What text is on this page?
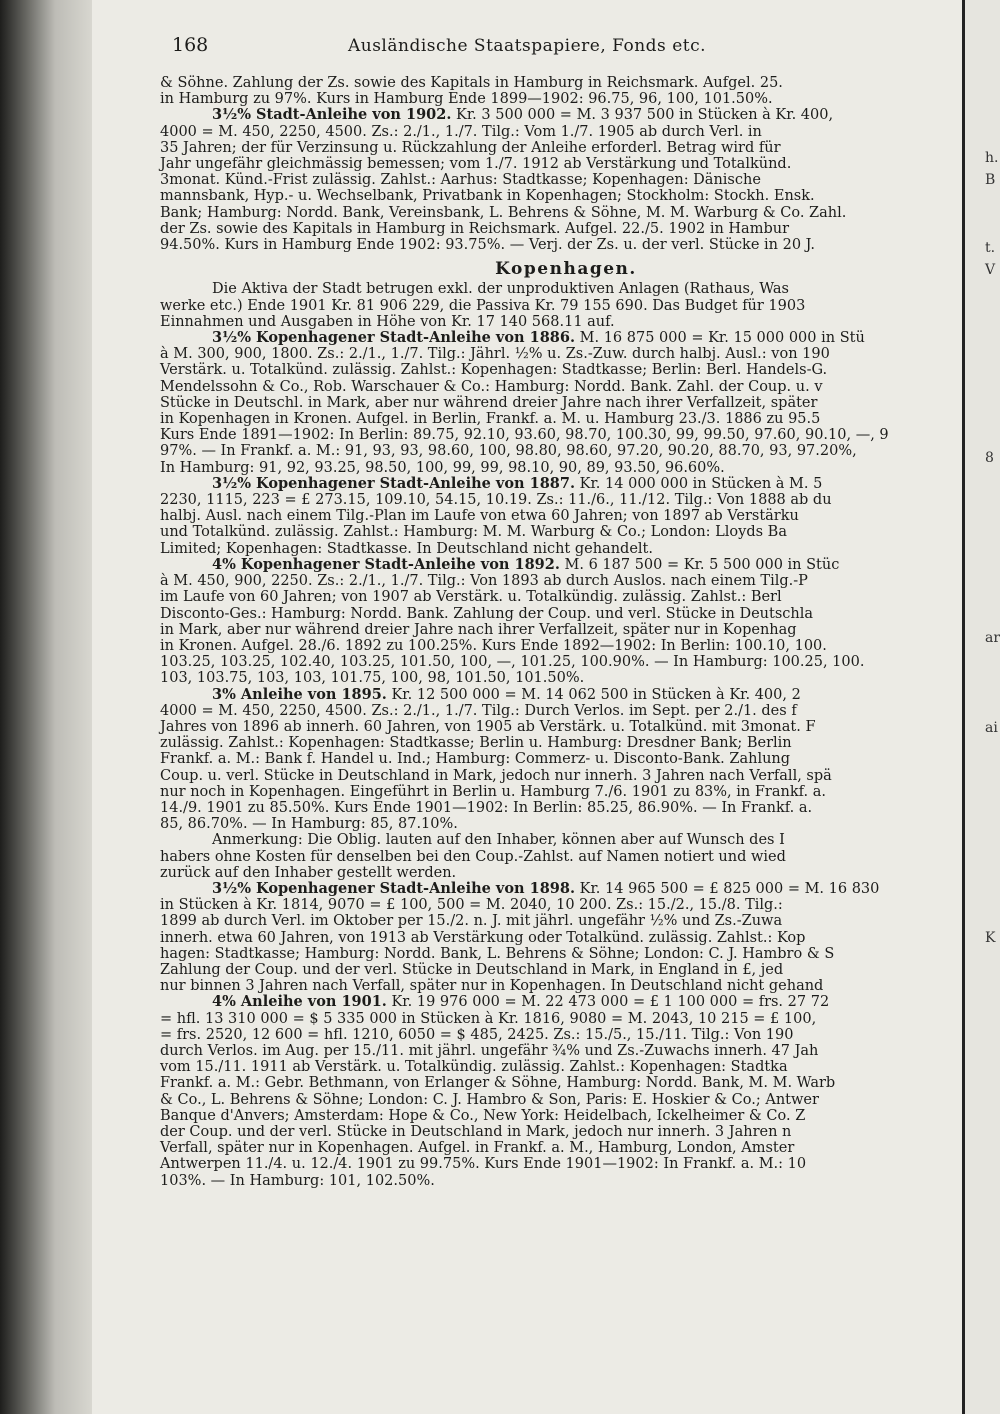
168	Ausländische Staatspapiere, Fonds etc.

& Söhne. Zahlung der Zs. sowie des Kapitals in Hamburg in Reichsmark. Aufgel. 25.

in Hamburg zu 97%. Kurs in Hamburg Ende 1899—1902: 96.75, 96, 100, 101.50%.

3½% Stadt-Anleihe von 1902. Kr. 3 500 000 = M. 3 937 500 in Stücken à Kr. 400,

4000 = M. 450, 2250, 4500. Zs.: 2./1., 1./7. Tilg.: Vom 1./7. 1905 ab durch Verl. in

35 Jahren; der für Verzinsung u. Rückzahlung der Anleihe erforderl. Betrag wird für

Jahr ungefähr gleichmässig bemessen; vom 1./7. 1912 ab Verstärkung und Totalkünd.

3monat. Künd.-Frist zulässig. Zahlst.: Aarhus: Stadtkasse; Kopenhagen: Dänische

mannsbank, Hyp.- u. Wechselbank, Privatbank in Kopenhagen; Stockholm: Stockh. Ensk.

Bank; Hamburg: Nordd. Bank, Vereinsbank, L. Behrens & Söhne, M. M. Warburg & Co. Zahl.

der Zs. sowie des Kapitals in Hamburg in Reichsmark. Aufgel. 22./5. 1902 in Hambur

94.50%. Kurs in Hamburg Ende 1902: 93.75%. — Verj. der Zs. u. der verl. Stücke in 20 J.

Kopenhagen.

Die Aktiva der Stadt betrugen exkl. der unproduktiven Anlagen (Rathaus, Was

werke etc.) Ende 1901 Kr. 81 906 229, die Passiva Kr. 79 155 690. Das Budget für 1903

Einnahmen und Ausgaben in Höhe von Kr. 17 140 568.11 auf.

3½% Kopenhagener Stadt-Anleihe von 1886. M. 16 875 000 = Kr. 15 000 000 in Stü

à M. 300, 900, 1800. Zs.: 2./1., 1./7. Tilg.: Jährl. ½% u. Zs.-Zuw. durch halbj. Ausl.: von 190

Verstärk. u. Totalkünd. zulässig. Zahlst.: Kopenhagen: Stadtkasse; Berlin: Berl. Handels-G.

Mendelssohn & Co., Rob. Warschauer & Co.: Hamburg: Nordd. Bank. Zahl. der Coup. u. v

Stücke in Deutschl. in Mark, aber nur während dreier Jahre nach ihrer Verfallzeit, später

in Kopenhagen in Kronen. Aufgel. in Berlin, Frankf. a. M. u. Hamburg 23./3. 1886 zu 95.5

Kurs Ende 1891—1902: In Berlin: 89.75, 92.10, 93.60, 98.70, 100.30, 99, 99.50, 97.60, 90.10, —, 9

97%. — In Frankf. a. M.: 91, 93, 93, 98.60, 100, 98.80, 98.60, 97.20, 90.20, 88.70, 93, 97.20%,

In Hamburg: 91, 92, 93.25, 98.50, 100, 99, 99, 98.10, 90, 89, 93.50, 96.60%.

3½% Kopenhagener Stadt-Anleihe von 1887. Kr. 14 000 000 in Stücken à M. 5

2230, 1115, 223 = £ 273.15, 109.10, 54.15, 10.19. Zs.: 11./6., 11./12. Tilg.: Von 1888 ab du

halbj. Ausl. nach einem Tilg.-Plan im Laufe von etwa 60 Jahren; von 1897 ab Verstärku

und Totalkünd. zulässig. Zahlst.: Hamburg: M. M. Warburg & Co.; London: Lloyds Ba

Limited; Kopenhagen: Stadtkasse. In Deutschland nicht gehandelt.

4% Kopenhagener Stadt-Anleihe von 1892. M. 6 187 500 = Kr. 5 500 000 in Stüc

à M. 450, 900, 2250. Zs.: 2./1., 1./7. Tilg.: Von 1893 ab durch Auslos. nach einem Tilg.-P

im Laufe von 60 Jahren; von 1907 ab Verstärk. u. Totalkündig. zulässig. Zahlst.: Berl

Disconto-Ges.: Hamburg: Nordd. Bank. Zahlung der Coup. und verl. Stücke in Deutschla

in Mark, aber nur während dreier Jahre nach ihrer Verfallzeit, später nur in Kopenhag

in Kronen. Aufgel. 28./6. 1892 zu 100.25%. Kurs Ende 1892—1902: In Berlin: 100.10, 100.

103.25, 103.25, 102.40, 103.25, 101.50, 100, —, 101.25, 100.90%. — In Hamburg: 100.25, 100.

103, 103.75, 103, 103, 101.75, 100, 98, 101.50, 101.50%.

3% Anleihe von 1895. Kr. 12 500 000 = M. 14 062 500 in Stücken à Kr. 400, 2

4000 = M. 450, 2250, 4500. Zs.: 2./1., 1./7. Tilg.: Durch Verlos. im Sept. per 2./1. des f

Jahres von 1896 ab innerh. 60 Jahren, von 1905 ab Verstärk. u. Totalkünd. mit 3monat. F

zulässig. Zahlst.: Kopenhagen: Stadtkasse; Berlin u. Hamburg: Dresdner Bank; Berlin

Frankf. a. M.: Bank f. Handel u. Ind.; Hamburg: Commerz- u. Disconto-Bank. Zahlung

Coup. u. verl. Stücke in Deutschland in Mark, jedoch nur innerh. 3 Jahren nach Verfall, spä

nur noch in Kopenhagen. Eingeführt in Berlin u. Hamburg 7./6. 1901 zu 83%, in Frankf. a.

14./9. 1901 zu 85.50%. Kurs Ende 1901—1902: In Berlin: 85.25, 86.90%. — In Frankf. a.

85, 86.70%. — In Hamburg: 85, 87.10%.

Anmerkung: Die Oblig. lauten auf den Inhaber, können aber auf Wunsch des I

habers ohne Kosten für denselben bei den Coup.-Zahlst. auf Namen notiert und wied

zurück auf den Inhaber gestellt werden.

3½% Kopenhagener Stadt-Anleihe von 1898. Kr. 14 965 500 = £ 825 000 = M. 16 830

in Stücken à Kr. 1814, 9070 = £ 100, 500 = M. 2040, 10 200. Zs.: 15./2., 15./8. Tilg.:

1899 ab durch Verl. im Oktober per 15./2. n. J. mit jährl. ungefähr ½% und Zs.-Zuwa

innerh. etwa 60 Jahren, von 1913 ab Verstärkung oder Totalkünd. zulässig. Zahlst.: Kop

hagen: Stadtkasse; Hamburg: Nordd. Bank, L. Behrens & Söhne; London: C. J. Hambro & S

Zahlung der Coup. und der verl. Stücke in Deutschland in Mark, in England in £, jed

nur binnen 3 Jahren nach Verfall, später nur in Kopenhagen. In Deutschland nicht gehand

4% Anleihe von 1901. Kr. 19 976 000 = M. 22 473 000 = £ 1 100 000 = frs. 27 72

= hfl. 13 310 000 = $ 5 335 000 in Stücken à Kr. 1816, 9080 = M. 2043, 10 215 = £ 100,

= frs. 2520, 12 600 = hfl. 1210, 6050 = $ 485, 2425. Zs.: 15./5., 15./11. Tilg.: Von 190

durch Verlos. im Aug. per 15./11. mit jährl. ungefähr ¾% und Zs.-Zuwachs innerh. 47 Jah

vom 15./11. 1911 ab Verstärk. u. Totalkündig. zulässig. Zahlst.: Kopenhagen: Stadtka

Frankf. a. M.: Gebr. Bethmann, von Erlanger & Söhne, Hamburg: Nordd. Bank, M. M. Warb

& Co., L. Behrens & Söhne; London: C. J. Hambro & Son, Paris: E. Hoskier & Co.; Antwer

Banque d'Anvers; Amsterdam: Hope & Co., New York: Heidelbach, Ickelheimer & Co. Z

der Coup. und der verl. Stücke in Deutschland in Mark, jedoch nur innerh. 3 Jahren n

Verfall, später nur in Kopenhagen. Aufgel. in Frankf. a. M., Hamburg, London, Amster

Antwerpen 11./4. u. 12./4. 1901 zu 99.75%. Kurs Ende 1901—1902: In Frankf. a. M.: 10

103%. — In Hamburg: 101, 102.50%.

h.
B
t.
V
8
ar
ai
K
